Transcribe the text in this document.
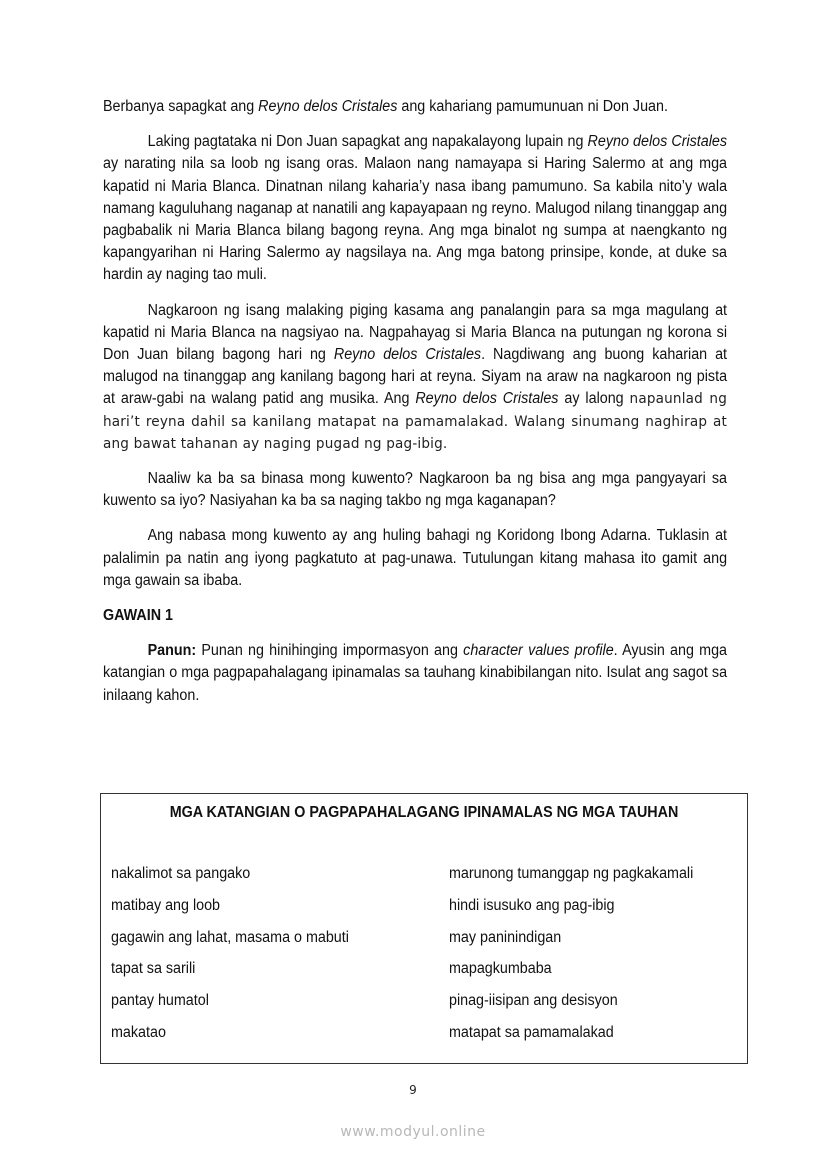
Berbanya sapagkat ang Reyno delos Cristales ang kahariang pamumunuan ni Don Juan.

Laking pagtataka ni Don Juan sapagkat ang napakalayong lupain ng Reyno delos Cristales ay narating nila sa loob ng isang oras. Malaon nang namayapa si Haring Salermo at ang mga kapatid ni Maria Blanca. Dinatnan nilang kaharia’y nasa ibang pamumuno. Sa kabila nito’y wala namang kaguluhang naganap at nanatili ang kapayapaan ng reyno. Malugod nilang tinanggap ang pagbabalik ni Maria Blanca bilang bagong reyna. Ang mga binalot ng sumpa at naengkanto ng kapangyarihan ni Haring Salermo ay nagsilaya na. Ang mga batong prinsipe, konde, at duke sa hardin ay naging tao muli.

Nagkaroon ng isang malaking piging kasama ang panalangin para sa mga magulang at kapatid ni Maria Blanca na nagsiyao na. Nagpahayag si Maria Blanca na putungan ng korona si Don Juan bilang bagong hari ng Reyno delos Cristales. Nagdiwang ang buong kaharian at malugod na tinanggap ang kanilang bagong hari at reyna. Siyam na araw na nagkaroon ng pista at araw-gabi na walang patid ang musika. Ang Reyno delos Cristales ay lalong napaunlad ng hari’t reyna dahil sa kanilang matapat na pamamalakad. Walang sinumang naghirap at ang bawat tahanan ay naging pugad ng pag-ibig.

Naaliw ka ba sa binasa mong kuwento? Nagkaroon ba ng bisa ang mga pangyayari sa kuwento sa iyo? Nasiyahan ka ba sa naging takbo ng mga kaganapan?

Ang nabasa mong kuwento ay ang huling bahagi ng Koridong Ibong Adarna. Tuklasin at palalimin pa natin ang iyong pagkatuto at pag-unawa. Tutulungan kitang mahasa ito gamit ang mga gawain sa ibaba.

GAWAIN 1

Panun: Punan ng hinihinging impormasyon ang character values profile. Ayusin ang mga katangian o mga pagpapahalagang ipinamalas sa tauhang kinabibilangan nito. Isulat ang sagot sa inilaang kahon.

MGA KATANGIAN O PAGPAPAHALAGANG IPINAMALAS NG MGA TAUHAN
nakalimot sa pangako
matibay ang loob
gagawin ang lahat, masama o mabuti
tapat sa sarili
pantay humatol
makatao
marunong tumanggap ng pagkakamali
hindi isusuko ang pag-ibig
may paninindigan
mapagkumbaba
pinag-iisipan ang desisyon
matapat sa pamamalakad
9
www.modyul.online
